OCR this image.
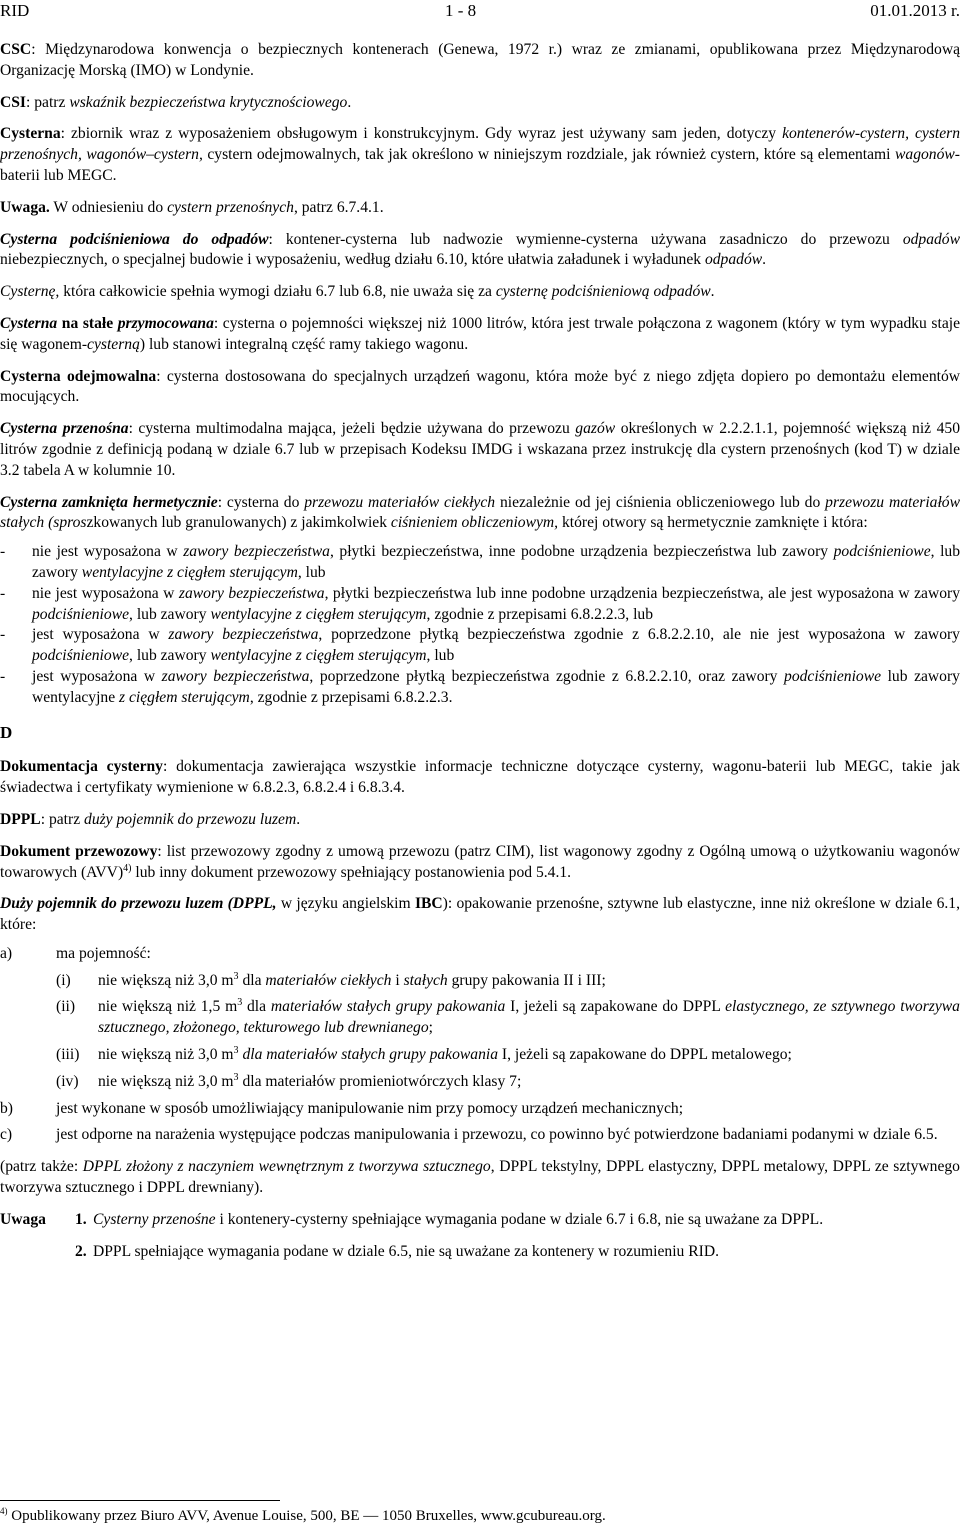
RID	1 - 8	01.01.2013 r.

CSC: Międzynarodowa konwencja o bezpiecznych kontenerach (Genewa, 1972 r.) wraz ze zmianami, opublikowana przez Międzynarodową Organizację Morską (IMO) w Londynie.

CSI: patrz wskaźnik bezpieczeństwa krytycznościowego.

Cysterna: zbiornik wraz z wyposażeniem obsługowym i konstrukcyjnym. Gdy wyraz jest używany sam jeden, dotyczy kontenerów-cystern, cystern przenośnych, wagonów–cystern, cystern odejmowalnych, tak jak określono w niniejszym rozdziale, jak również cystern, które są elementami wagonów-baterii lub MEGC.

Uwaga. W odniesieniu do cystern przenośnych, patrz 6.7.4.1.

Cysterna podciśnieniowa do odpadów: kontener-cysterna lub nadwozie wymienne-cysterna używana zasadniczo do przewozu odpadów niebezpiecznych, o specjalnej budowie i wyposażeniu, według działu 6.10, które ułatwia załadunek i wyładunek odpadów.

Cysternę, która całkowicie spełnia wymogi działu 6.7 lub 6.8, nie uważa się za cysternę podciśnieniową odpadów.

Cysterna na stałe przymocowana: cysterna o pojemności większej niż 1000 litrów, która jest trwale połączona z wagonem (który w tym wypadku staje się wagonem-cysterną) lub stanowi integralną część ramy takiego wagonu.

Cysterna odejmowalna: cysterna dostosowana do specjalnych urządzeń wagonu, która może być z niego zdjęta dopiero po demontażu elementów mocujących.

Cysterna przenośna: cysterna multimodalna mająca, jeżeli będzie używana do przewozu gazów określonych w 2.2.2.1.1, pojemność większą niż 450 litrów zgodnie z definicją podaną w dziale 6.7 lub w przepisach Kodeksu IMDG i wskazana przez instrukcję dla cystern przenośnych (kod T) w dziale 3.2 tabela A w kolumnie 10.

Cysterna zamknięta hermetycznie: cysterna do przewozu materiałów ciekłych niezależnie od jej ciśnienia obliczeniowego lub do przewozu materiałów stałych (sproszkowanych lub granulowanych) z jakimkolwiek ciśnieniem obliczeniowym, której otwory są hermetycznie zamknięte i która:

- nie jest wyposażona w zawory bezpieczeństwa, płytki bezpieczeństwa, inne podobne urządzenia bezpieczeństwa lub zawory podciśnieniowe, lub zawory wentylacyjne z cięgłem sterującym, lub
- nie jest wyposażona w zawory bezpieczeństwa, płytki bezpieczeństwa lub inne podobne urządzenia bezpieczeństwa, ale jest wyposażona w zawory podciśnieniowe, lub zawory wentylacyjne z cięgłem sterującym, zgodnie z przepisami 6.8.2.2.3, lub
- jest wyposażona w zawory bezpieczeństwa, poprzedzone płytką bezpieczeństwa zgodnie z 6.8.2.2.10, ale nie jest wyposażona w zawory podciśnieniowe, lub zawory wentylacyjne z cięgłem sterującym, lub
- jest wyposażona w zawory bezpieczeństwa, poprzedzone płytką bezpieczeństwa zgodnie z 6.8.2.2.10, oraz zawory podciśnieniowe lub zawory wentylacyjne z cięgłem sterującym, zgodnie z przepisami 6.8.2.2.3.

D

Dokumentacja cysterny: dokumentacja zawierająca wszystkie informacje techniczne dotyczące cysterny, wagonu-baterii lub MEGC, takie jak świadectwa i certyfikaty wymienione w 6.8.2.3, 6.8.2.4 i 6.8.3.4.

DPPL: patrz duży pojemnik do przewozu luzem.

Dokument przewozowy: list przewozowy zgodny z umową przewozu (patrz CIM), list wagonowy zgodny z Ogólną umową o użytkowaniu wagonów towarowych (AVV)$^{4)}$ lub inny dokument przewozowy spełniający postanowienia pod 5.4.1.

Duży pojemnik do przewozu luzem (DPPL, w języku angielskim IBC): opakowanie przenośne, sztywne lub elastyczne, inne niż określone w dziale 6.1, które:

a)	ma pojemność:
(i) nie większą niż 3,0 $m^3$ dla materiałów ciekłych i stałych grupy pakowania II i III;
(ii) nie większą niż 1,5 $m^3$ dla materiałów stałych grupy pakowania I, jeżeli są zapakowane do DPPL elastycznego, ze sztywnego tworzywa sztucznego, złożonego, tekturowego lub drewnianego;
(iii) nie większą niż 3,0 $m^3$ dla materiałów stałych grupy pakowania I, jeżeli są zapakowane do DPPL metalowego;
(iv) nie większą niż 3,0 $m^3$ dla materiałów promieniotwórczych klasy 7;
b)	jest wykonane w sposób umożliwiający manipulowanie nim przy pomocy urządzeń mechanicznych;
c)	jest odporne na narażenia występujące podczas manipulowania i przewozu, co powinno być potwierdzone badaniami podanymi w dziale 6.5.

(patrz także: DPPL złożony z naczyniem wewnętrznym z tworzywa sztucznego, DPPL tekstylny, DPPL elastyczny, DPPL metalowy, DPPL ze sztywnego tworzywa sztucznego i DPPL drewniany).

Uwaga 1. Cysterny przenośne i kontenery-cysterny spełniające wymagania podane w dziale 6.7 i 6.8, nie są uważane za DPPL.
2. DPPL spełniające wymagania podane w dziale 6.5, nie są uważane za kontenery w rozumieniu RID.
$^{4)}$ Opublikowany przez Biuro AVV, Avenue Louise, 500, BE — 1050 Bruxelles, www.gcubureau.org.
